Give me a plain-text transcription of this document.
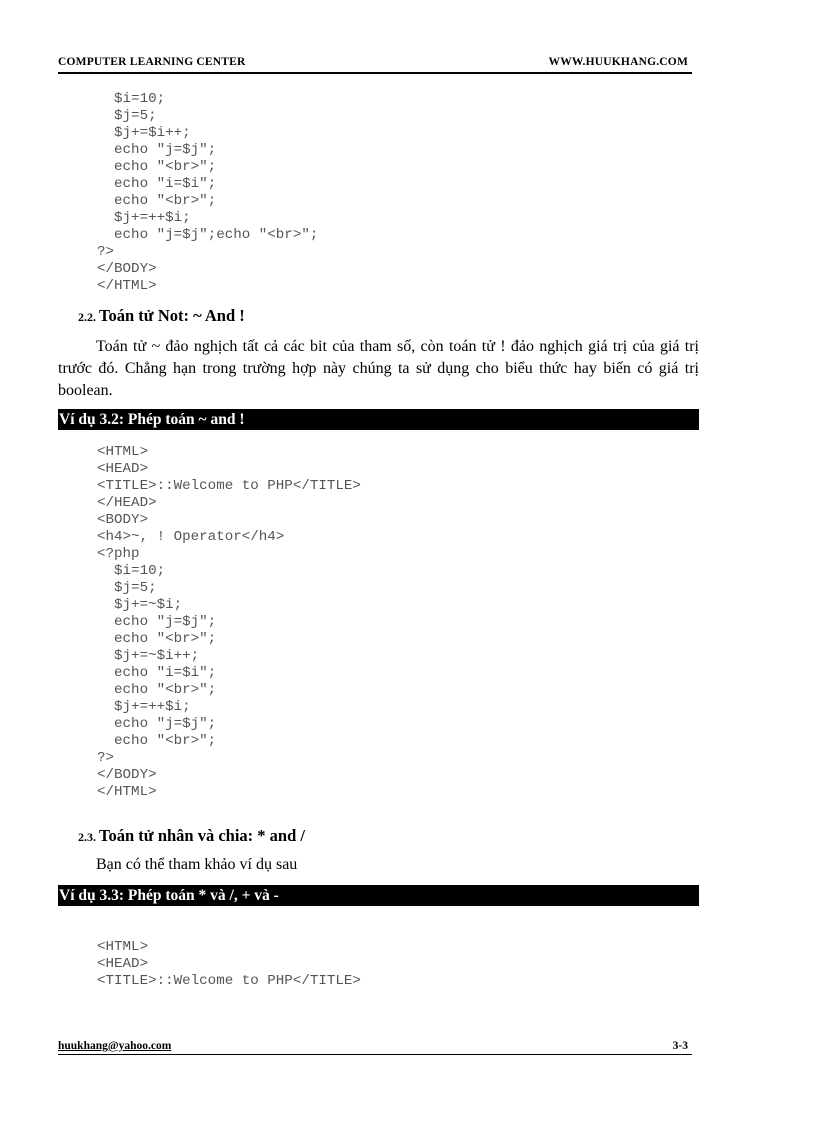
COMPUTER LEARNING CENTER	WWW.HUUKHANG.COM
$i=10;
$j=5;
$j+=$i++;
echo "j=$j";
echo "<br>";
echo "i=$i";
echo "<br>";
$j+=++$i;
echo "j=$j";echo "<br>";
?>
</BODY>
</HTML>
2.2. Toán tử Not: ~ And !
Toán tử ~ đảo nghịch tất cả các bit của tham số, còn toán tử ! đảo nghịch giá trị của giá trị trước đó. Chẳng hạn trong trường hợp này chúng ta sử dụng cho biểu thức hay biến có giá trị boolean.
Ví dụ 3.2: Phép toán ~ and !
<HTML>
<HEAD>
<TITLE>::Welcome to PHP</TITLE>
</HEAD>
<BODY>
<h4>~, ! Operator</h4>
<?php
$i=10;
$j=5;
$j+=~$i;
echo "j=$j";
echo "<br>";
$j+=~$i++;
echo "i=$i";
echo "<br>";
$j+=++$i;
echo "j=$j";
echo "<br>";
?>
</BODY>
</HTML>
2.3. Toán tử nhân và chia: * and /
Bạn có thể tham khảo ví dụ sau
Ví dụ 3.3: Phép toán * và /, + và -
<HTML>
<HEAD>
<TITLE>::Welcome to PHP</TITLE>
huukhang@yahoo.com	3-3
